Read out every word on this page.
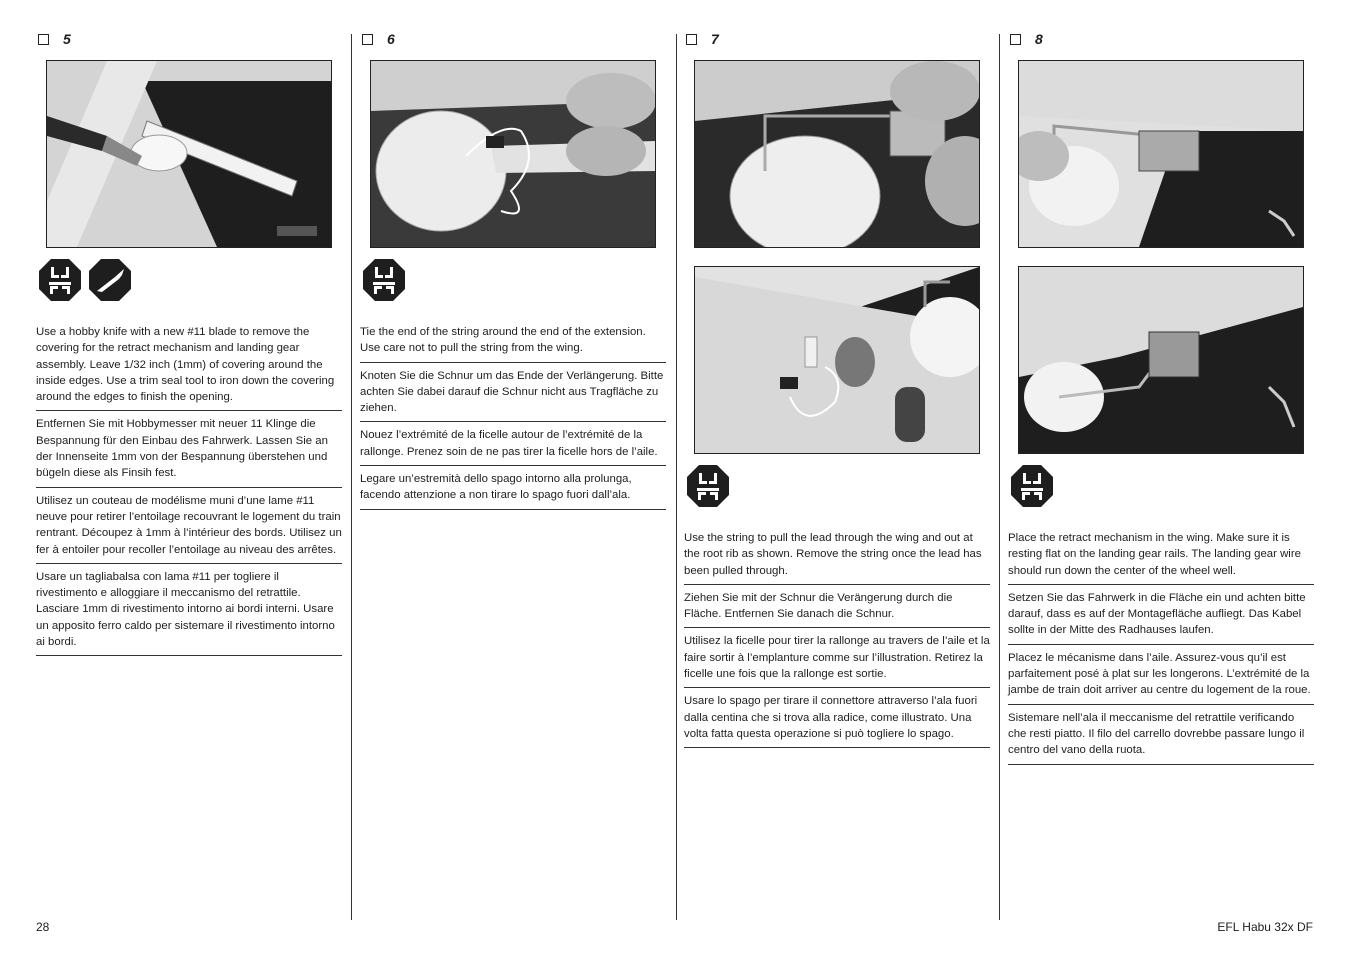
5
Use a hobby knife with a new #11 blade to remove the covering for the retract mechanism and landing gear assembly. Leave 1/32 inch (1mm) of covering around the inside edges. Use a trim seal tool to iron down the covering around the edges to finish the opening.
Entfernen Sie mit Hobbymesser mit neuer 11 Klinge die Bespannung für den Einbau des Fahrwerk. Lassen Sie an der Innenseite 1mm von der Bespannung überstehen und bügeln diese als Finsih fest.
Utilisez un couteau de modélisme muni d’une lame #11 neuve pour retirer l’entoilage recouvrant le logement du train rentrant. Découpez à 1mm à l’intérieur des bords. Utilisez un fer à entoiler pour recoller l’entoilage au niveau des arrêtes.
Usare un tagliabalsa con lama #11 per togliere il rivestimento e alloggiare il meccanismo del retrattile. Lasciare 1mm di rivestimento intorno ai bordi interni. Usare un apposito ferro caldo per sistemare il rivestimento intorno ai bordi.
6
Tie the end of the string around the end of the extension. Use care not to pull the string from the wing.
Knoten Sie die Schnur um das Ende der Verlängerung. Bitte achten Sie dabei darauf die Schnur nicht aus Tragfläche zu ziehen.
Nouez l’extrémité de la ficelle autour de l’extrémité de la rallonge. Prenez soin de ne pas tirer la ficelle hors de l’aile.
Legare un’estremità dello spago intorno alla prolunga, facendo attenzione a non tirare lo spago fuori dall’ala.
7
Use the string to pull the lead through the wing and out at the root rib as shown. Remove the string once the lead has been pulled through.
Ziehen Sie mit der Schnur die Verängerung durch die Fläche. Entfernen Sie danach die Schnur.
Utilisez la ficelle pour tirer la rallonge au travers de l’aile et la faire sortir à l’emplanture comme sur l’illustration. Retirez la ficelle une fois que la rallonge est sortie.
Usare lo spago per tirare il connettore attraverso l’ala fuori dalla centina che si trova alla radice, come illustrato. Una volta fatta questa operazione si può togliere lo spago.
8
Place the retract mechanism in the wing. Make sure it is resting flat on the landing gear rails. The landing gear wire should run down the center of the wheel well.
Setzen Sie das Fahrwerk in die Fläche ein und achten bitte darauf, dass es auf der Montagefläche aufliegt. Das Kabel sollte in der Mitte des Radhauses laufen.
Placez le mécanisme dans l’aile. Assurez-vous qu’il est parfaitement posé à plat sur les longerons. L’extrémité de la jambe de train doit arriver au centre du logement de la roue.
Sistemare nell’ala il meccanisme del retrattile verificando che resti piatto. Il filo del carrello dovrebbe passare lungo il centro del vano della ruota.
28	EFL Habu 32x DF
